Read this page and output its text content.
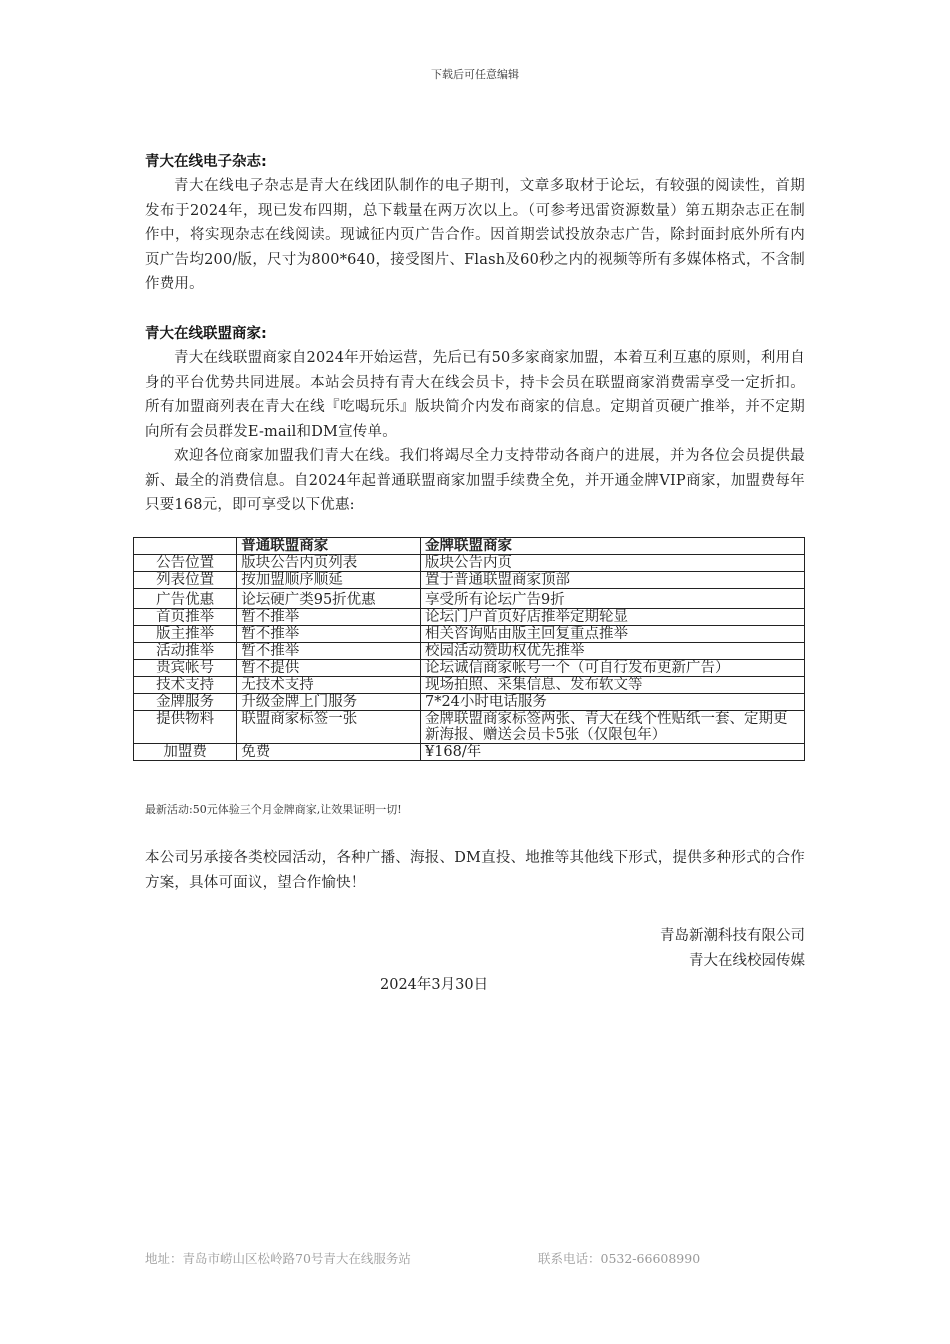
下载后可任意编辑
青大在线电子杂志:

青大在线电子杂志是青大在线团队制作的电子期刊，文章多取材于论坛，有较强的阅读性，首期发布于2024年，现已发布四期，总下载量在两万次以上。（可参考迅雷资源数量）第五期杂志正在制作中，将实现杂志在线阅读。现诚征内页广告合作。因首期尝试投放杂志广告，除封面封底外所有内页广告均200/版，尺寸为800*640，接受图片、Flash及60秒之内的视频等所有多媒体格式，不含制作费用。

青大在线联盟商家:

青大在线联盟商家自2024年开始运营，先后已有50多家商家加盟，本着互利互惠的原则，利用自身的平台优势共同进展。本站会员持有青大在线会员卡，持卡会员在联盟商家消费需享受一定折扣。所有加盟商列表在青大在线『吃喝玩乐』版块简介内发布商家的信息。定期首页硬广推举，并不定期向所有会员群发E-mail和DM宣传单。

欢迎各位商家加盟我们青大在线。我们将竭尽全力支持带动各商户的进展，并为各位会员提供最新、最全的消费信息。自2024年起普通联盟商家加盟手续费全免，并开通金牌VIP商家，加盟费每年只要168元，即可享受以下优惠:

	普通联盟商家	金牌联盟商家
公告位置	版块公告内页列表	版块公告内页
列表位置	按加盟顺序顺延	置于普通联盟商家顶部
广告优惠	论坛硬广类95折优惠	享受所有论坛广告9折
首页推举	暂不推举	论坛门户首页好店推举定期轮显
版主推举	暂不推举	相关咨询贴由版主回复重点推举
活动推举	暂不推举	校园活动赞助权优先推举
贵宾帐号	暂不提供	论坛诚信商家帐号一个（可自行发布更新广告）
技术支持	无技术支持	现场拍照、采集信息、发布软文等
金牌服务	升级金牌上门服务	7*24小时电话服务
提供物料	联盟商家标签一张	金牌联盟商家标签两张、青大在线个性贴纸一套、定期更新海报、赠送会员卡5张（仅限包年）
加盟费	免费	¥168/年
最新活动:50元体验三个月金牌商家,让效果证明一切!

本公司另承接各类校园活动，各种广播、海报、DM直投、地推等其他线下形式，提供多种形式的合作方案，具体可面议，望合作愉快！

青岛新潮科技有限公司
青大在线校园传媒
2024年3月30日
地址：青岛市崂山区松岭路70号青大在线服务站	联系电话：0532-66608990
